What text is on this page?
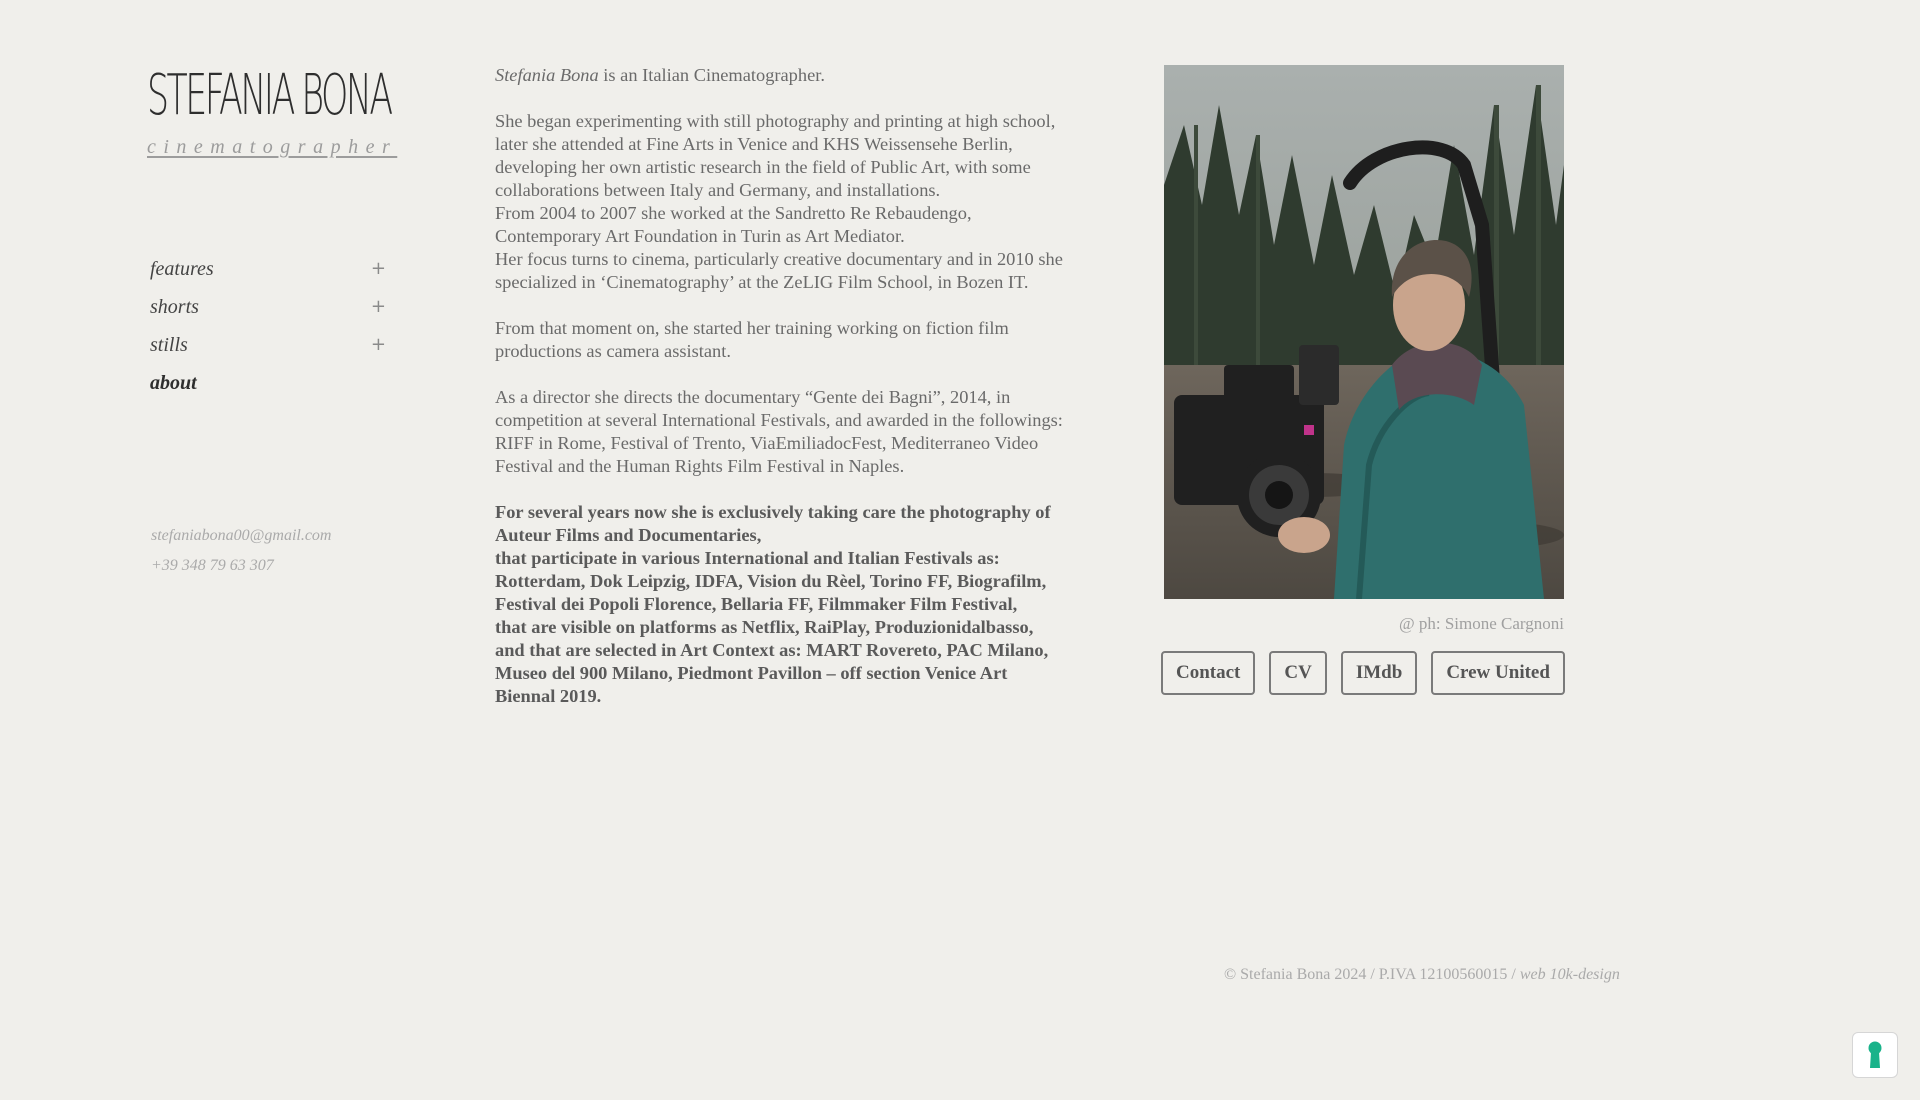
STEFANIA BONA
cinematographer
features	+
shorts	+
stills	+
about
stefaniabona00@gmail.com
+39 348 79 63 307

Stefania Bona is an Italian Cinematographer.

She began experimenting with still photography and printing at high school, later she attended at Fine Arts in Venice and KHS Weissensehe Berlin, developing her own artistic research in the field of Public Art, with some collaborations between Italy and Germany, and installations.
From 2004 to 2007 she worked at the Sandretto Re Rebaudengo, Contemporary Art Foundation in Turin as Art Mediator.
Her focus turns to cinema, particularly creative documentary and in 2010 she specialized in ‘Cinematography’ at the ZeLIG Film School, in Bozen IT.

From that moment on, she started her training working on fiction film productions as camera assistant.

As a director she directs the documentary “Gente dei Bagni”, 2014, in competition at several International Festivals, and awarded in the followings: RIFF in Rome, Festival of Trento, ViaEmiliadocFest, Mediterraneo Video Festival and the Human Rights Film Festival in Naples.

For several years now she is exclusively taking care the photography of Auteur Films and Documentaries,
that participate in various International and Italian Festivals as: Rotterdam, Dok Leipzig, IDFA, Vision du Rèel, Torino FF, Biografilm, Festival dei Popoli Florence, Bellaria FF, Filmmaker Film Festival,
that are visible on platforms as Netflix, RaiPlay, Produzionidalbasso, and that are selected in Art Context as: MART Rovereto, PAC Milano, Museo del 900 Milano, Piedmont Pavillon – off section Venice Art Biennal 2019.

@ ph: Simone Cargnoni
Contact	CV	IMdb	Crew United
© Stefania Bona 2024 / P.IVA 12100560015 / web 10k-design
